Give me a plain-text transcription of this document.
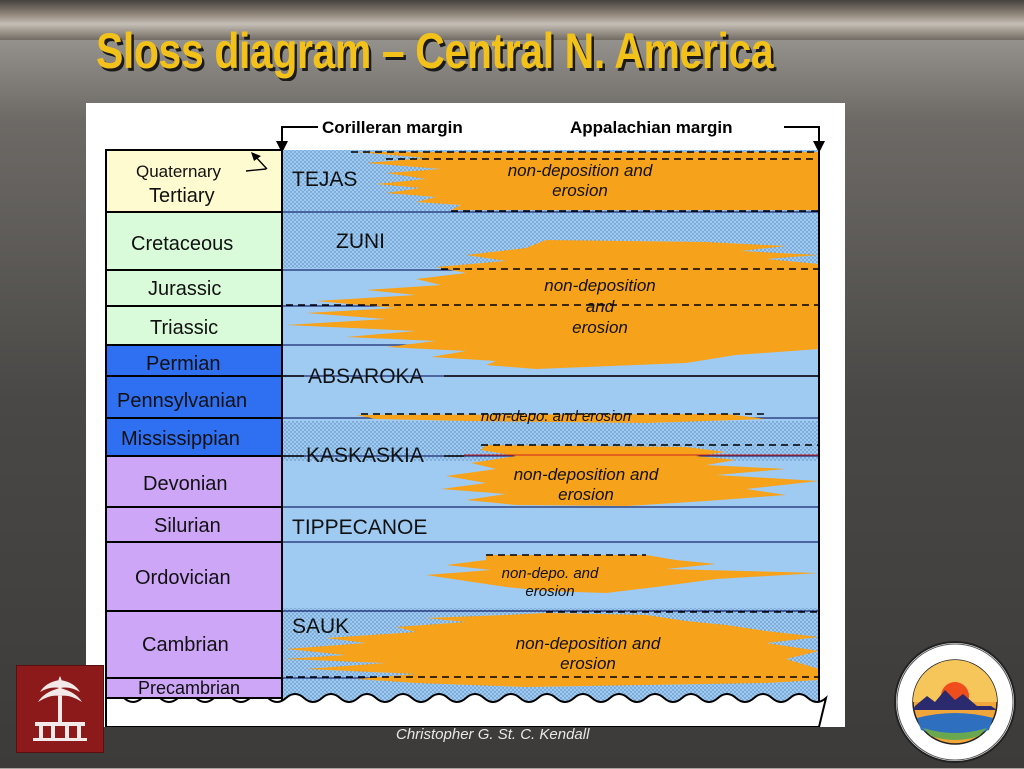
Sloss diagram – Central N. America
Corilleran margin	Appalachian margin
Quaternary
Tertiary
Cretaceous
Jurassic
Triassic
Permian
Pennsylvanian
Mississippian
Devonian
Silurian
Ordovician
Cambrian
Precambrian
TEJAS
ZUNI
ABSAROKA
KASKASKIA
TIPPECANOE
SAUK
non-deposition and
erosion
non-deposition
and
erosion
non-depo. and erosion
non-deposition and
erosion
non-depo. and
erosion
non-deposition and
erosion
Christopher G. St. C. Kendall
